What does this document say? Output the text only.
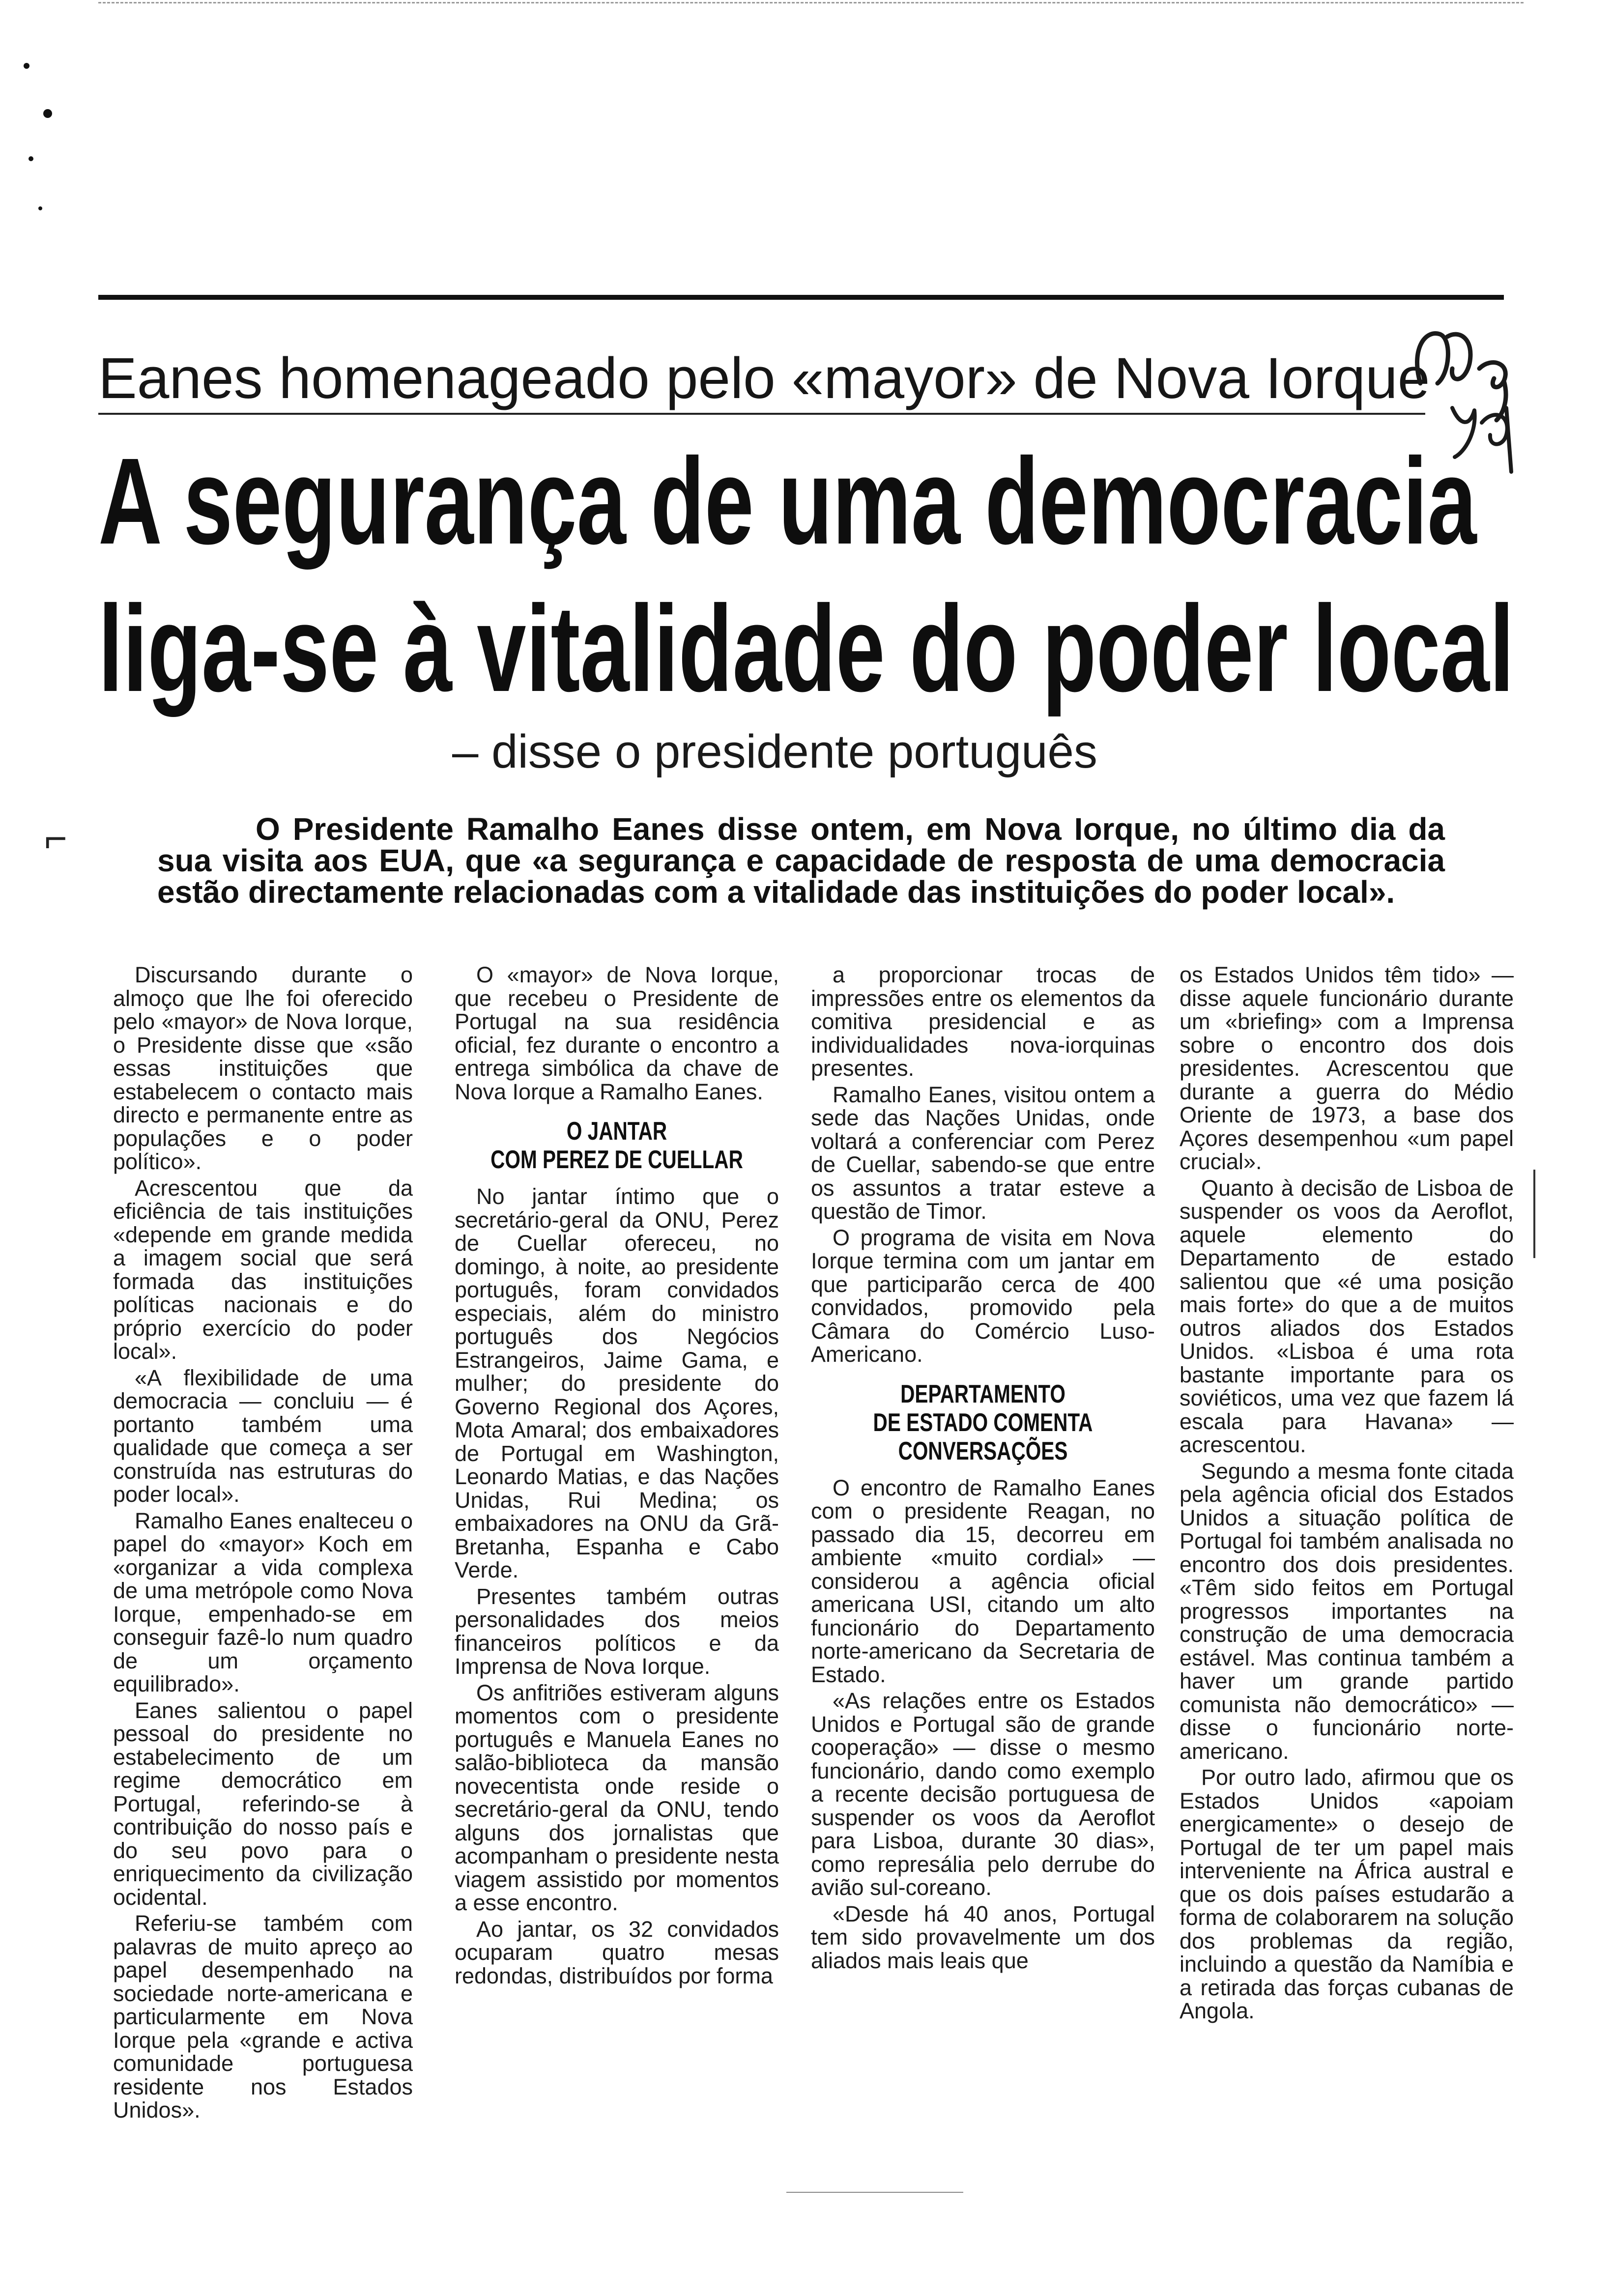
Eanes homenageado pelo «mayor» de Nova Iorque
A segurança de uma democracia
liga-se à vitalidade do poder local
– disse o presidente português
⌐	O Presidente Ramalho Eanes disse ontem, em Nova Iorque, no último dia da sua visita aos EUA, que «a segurança e capacidade de resposta de uma democracia estão directamente relacionadas com a vitalidade das instituições do poder local».

Discursando durante o almoço que lhe foi oferecido pelo «mayor» de Nova Iorque, o Presidente disse que «são essas instituições que estabelecem o contacto mais directo e permanente entre as populações e o poder político».

Acrescentou que da eficiência de tais instituições «depende em grande medida a imagem social que será formada das instituições políticas nacionais e do próprio exercício do poder local».

«A flexibilidade de uma democracia — concluiu — é portanto também uma qualidade que começa a ser construída nas estruturas do poder local».

Ramalho Eanes enalteceu o papel do «mayor» Koch em «organizar a vida complexa de uma metrópole como Nova Iorque, empenhado-se em conseguir fazê-lo num quadro de um orçamento equilibrado».

Eanes salientou o papel pessoal do presidente no estabelecimento de um regime democrático em Portugal, referindo-se à contribuição do nosso país e do seu povo para o enriquecimento da civilização ocidental.

Referiu-se também com palavras de muito apreço ao papel desempenhado na sociedade norte-americana e particularmente em Nova Iorque pela «grande e activa comunidade portuguesa residente nos Estados Unidos».

O «mayor» de Nova Iorque, que recebeu o Presidente de Portugal na sua residência oficial, fez durante o encontro a entrega simbólica da chave de Nova Iorque a Ramalho Eanes.

O JANTAR
COM PEREZ DE CUELLAR

No jantar íntimo que o secretário-geral da ONU, Perez de Cuellar ofereceu, no domingo, à noite, ao presidente português, foram convidados especiais, além do ministro português dos Negócios Estrangeiros, Jaime Gama, e mulher; do presidente do Governo Regional dos Açores, Mota Amaral; dos embaixadores de Portugal em Washington, Leonardo Matias, e das Nações Unidas, Rui Medina; os embaixadores na ONU da Grã-Bretanha, Espanha e Cabo Verde.

Presentes também outras personalidades dos meios financeiros políticos e da Imprensa de Nova Iorque.

Os anfitriões estiveram alguns momentos com o presidente português e Manuela Eanes no salão-biblioteca da mansão novecentista onde reside o secretário-geral da ONU, tendo alguns dos jornalistas que acompanham o presidente nesta viagem assistido por momentos a esse encontro.

Ao jantar, os 32 convidados ocuparam quatro mesas redondas, distribuídos por forma

a proporcionar trocas de impressões entre os elementos da comitiva presidencial e as individualidades nova-iorquinas presentes.

Ramalho Eanes, visitou ontem a sede das Nações Unidas, onde voltará a conferenciar com Perez de Cuellar, sabendo-se que entre os assuntos a tratar esteve a questão de Timor.

O programa de visita em Nova Iorque termina com um jantar em que participarão cerca de 400 convidados, promovido pela Câmara do Comércio Luso-Americano.

DEPARTAMENTO
DE ESTADO COMENTA
CONVERSAÇÕES

O encontro de Ramalho Eanes com o presidente Reagan, no passado dia 15, decorreu em ambiente «muito cordial» — considerou a agência oficial americana USI, citando um alto funcionário do Departamento norte-americano da Secretaria de Estado.

«As relações entre os Estados Unidos e Portugal são de grande cooperação» — disse o mesmo funcionário, dando como exemplo a recente decisão portuguesa de suspender os voos da Aeroflot para Lisboa, durante 30 dias», como represália pelo derrube do avião sul-coreano.

«Desde há 40 anos, Portugal tem sido provavelmente um dos aliados mais leais que

os Estados Unidos têm tido» — disse aquele funcionário durante um «briefing» com a Imprensa sobre o encontro dos dois presidentes. Acrescentou que durante a guerra do Médio Oriente de 1973, a base dos Açores desempenhou «um papel crucial».

Quanto à decisão de Lisboa de suspender os voos da Aeroflot, aquele elemento do Departamento de estado salientou que «é uma posição mais forte» do que a de muitos outros aliados dos Estados Unidos. «Lisboa é uma rota bastante importante para os soviéticos, uma vez que fazem lá escala para Havana» — acrescentou.

Segundo a mesma fonte citada pela agência oficial dos Estados Unidos a situação política de Portugal foi também analisada no encontro dos dois presidentes. «Têm sido feitos em Portugal progressos importantes na construção de uma democracia estável. Mas continua também a haver um grande partido comunista não democrático» — disse o funcionário norte-americano.

Por outro lado, afirmou que os Estados Unidos «apoiam energicamente» o desejo de Portugal de ter um papel mais interveniente na África austral e que os dois países estudarão a forma de colaborarem na solução dos problemas da região, incluindo a questão da Namíbia e a retirada das forças cubanas de Angola.
